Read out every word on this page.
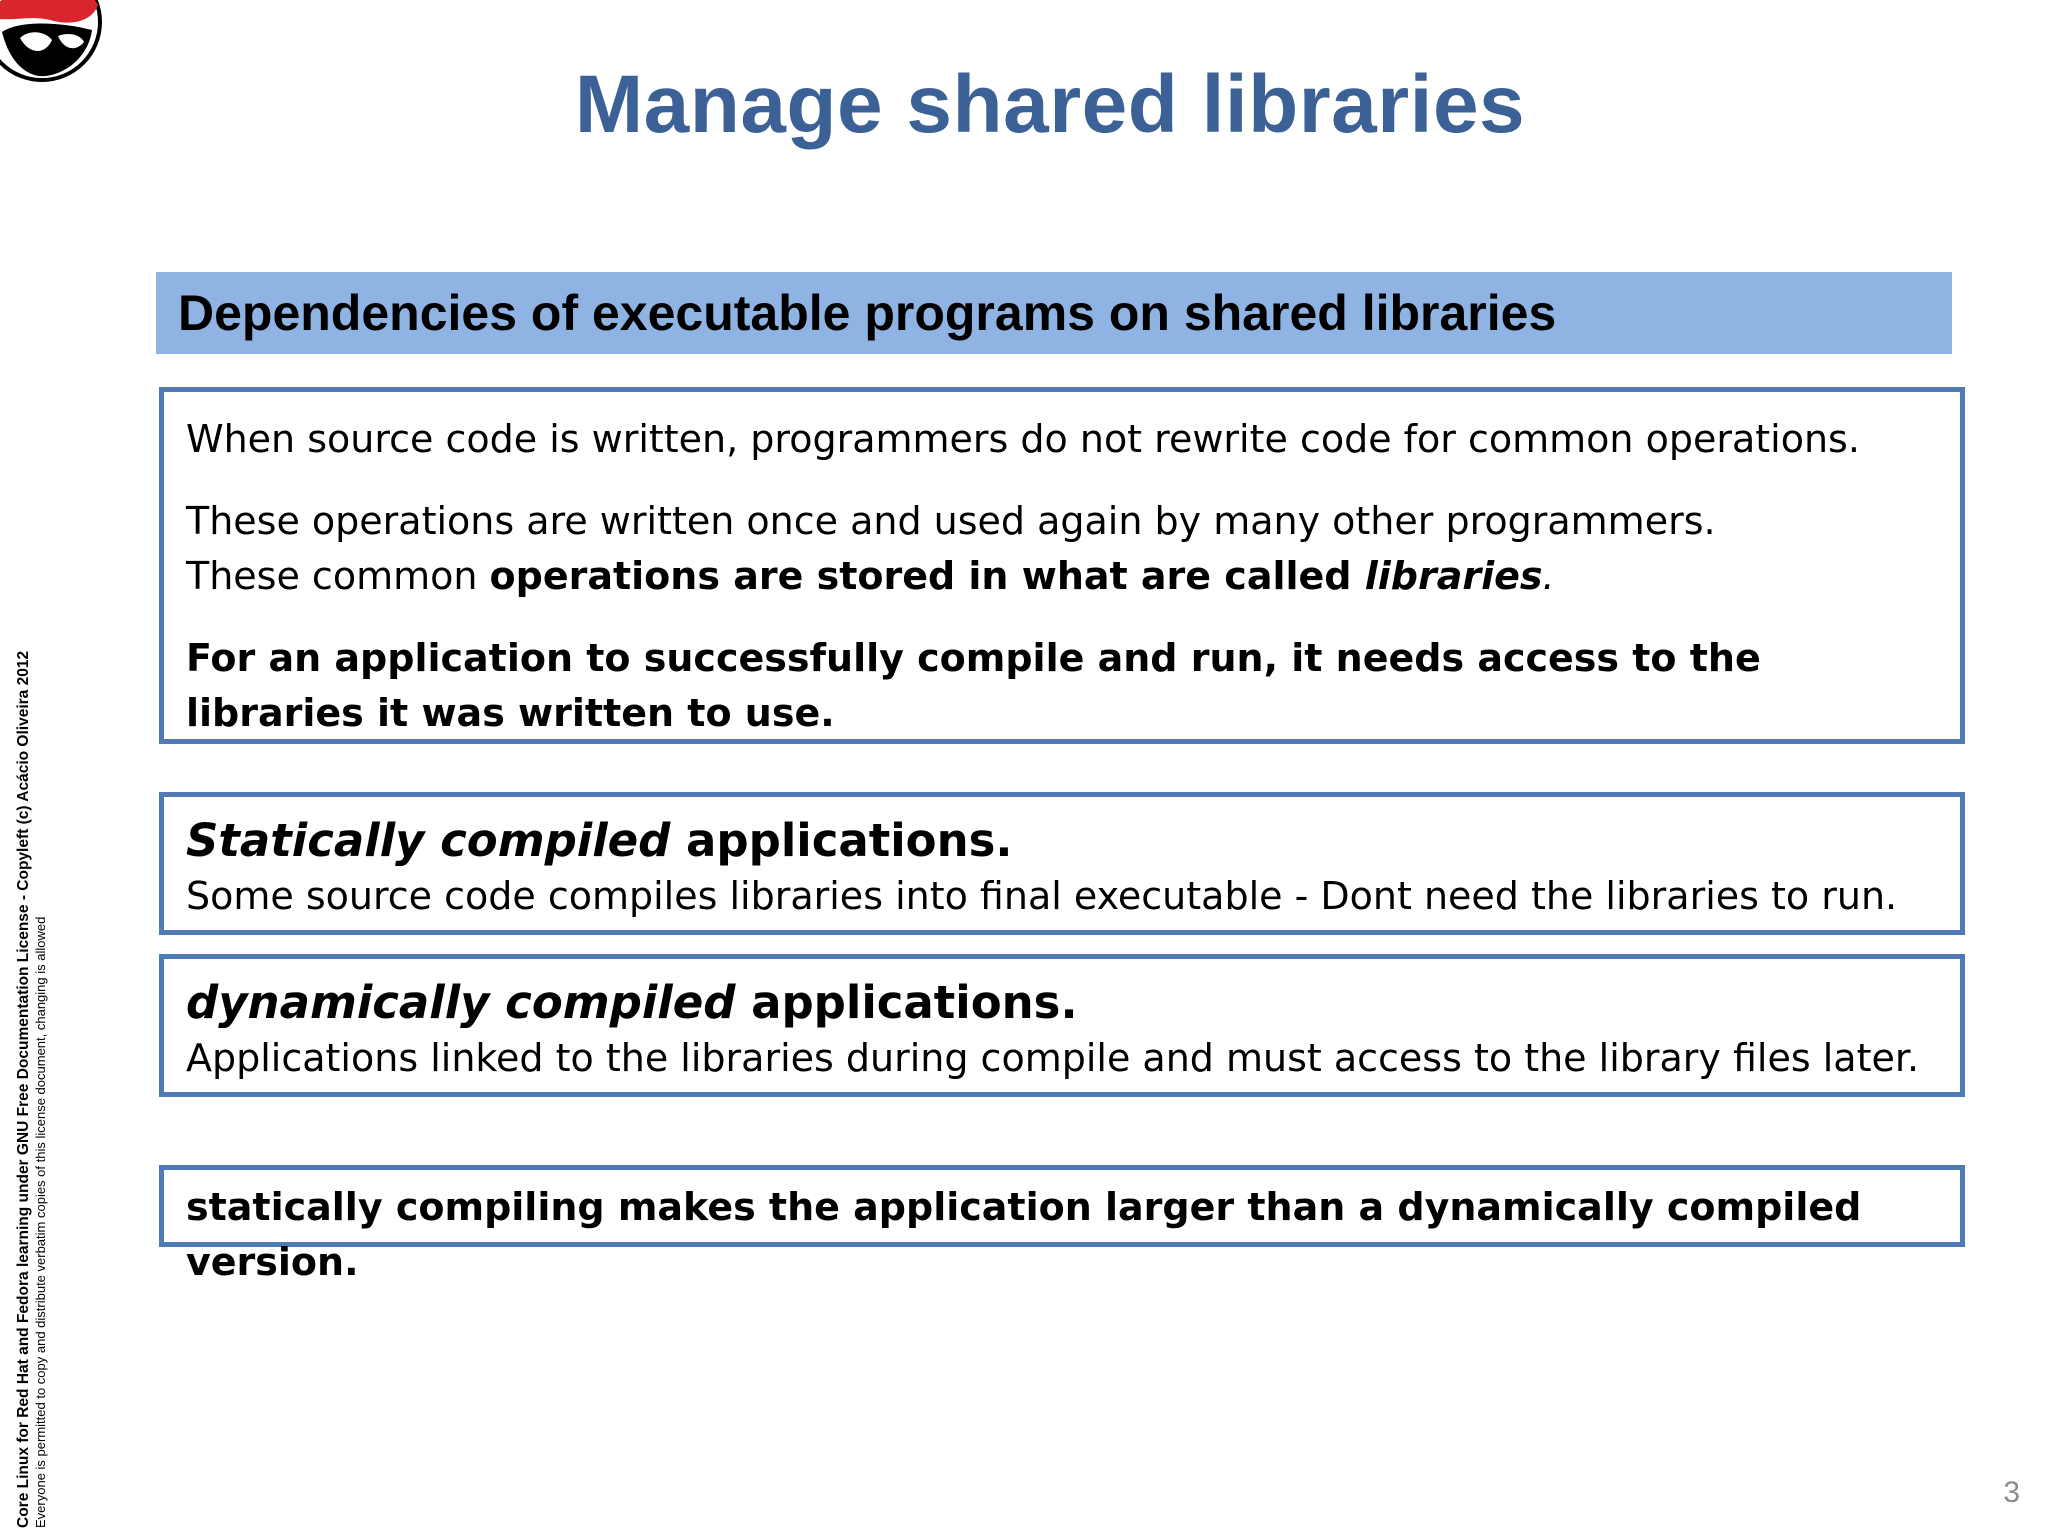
Manage shared libraries
Dependencies of executable programs on shared libraries

When source code is written, programmers do not rewrite code for common operations.

These operations are written once and used again by many other programmers.

These common operations are stored in what are called libraries.

For an application to successfully compile and run, it needs access to the libraries it was written to use.

Statically compiled applications.

Some source code compiles libraries into final executable - Dont need the libraries to run.

dynamically compiled applications.

Applications linked to the libraries during compile and must access to the library files later.

statically compiling makes the application larger than a dynamically compiled version.

Core Linux for Red Hat and Fedora learning under GNU Free Documentation License - Copyleft (c) Acácio Oliveira 2012 Everyone is permitted to copy and distribute verbatim copies of this license document, changing is allowed	3
